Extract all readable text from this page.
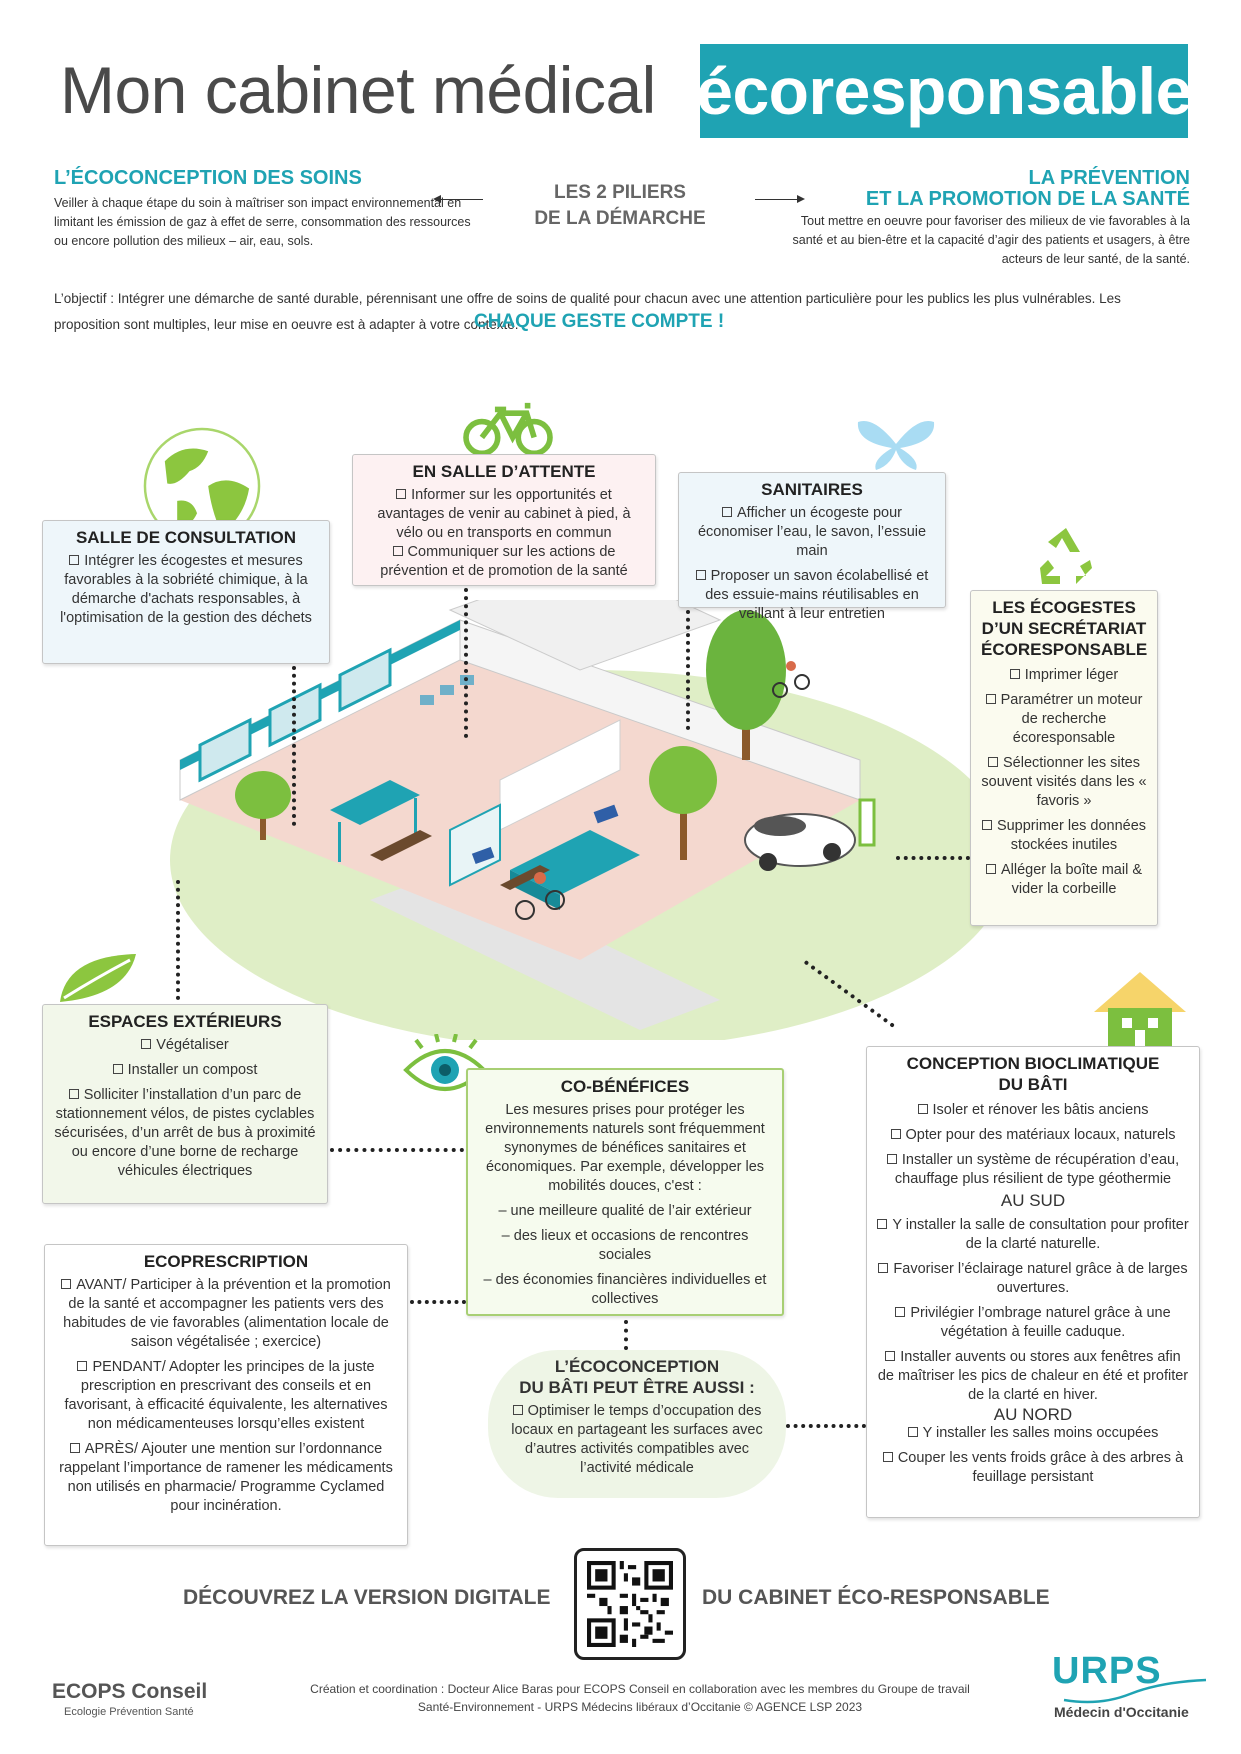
Mon cabinet médical écoresponsable
L’ÉCOCONCEPTION DES SOINS
Veiller à chaque étape du soin à maîtriser son impact environnemental en limitant les émission de gaz à effet de serre, consommation des ressources ou encore pollution des milieux – air, eau, sols.
LES 2 PILIERS
DE LA DÉMARCHE
LA PRÉVENTION
ET LA PROMOTION DE LA SANTÉ
Tout mettre en oeuvre pour favoriser des milieux de vie favorables à la santé et au bien-être et la capacité d’agir des patients et usagers, à être acteurs de leur santé, de la santé.
L’objectif : Intégrer une démarche de santé durable, pérennisant une offre de soins de qualité pour chacun avec une attention particulière pour les publics les plus vulnérables. Les proposition sont multiples, leur mise en oeuvre est à adapter à votre contexte.
CHAQUE GESTE COMPTE !
SALLE DE CONSULTATION

Intégrer les écogestes et mesures favorables à la sobriété chimique, à la démarche d'achats responsables, à l'optimisation de la gestion des déchets

EN SALLE D’ATTENTE

Informer sur les opportunités et avantages de venir au cabinet à pied, à vélo ou en transports en commun

Communiquer sur les actions de prévention et de promotion de la santé

SANITAIRES

Afficher un écogeste pour économiser l’eau, le savon, l’essuie main

Proposer un savon écolabellisé et des essuie-mains réutilisables en veillant à leur entretien	LES ÉCOGESTES
D’UN SECRÉTARIAT
ÉCORESPONSABLE

Imprimer léger

Paramétrer un moteur de recherche écoresponsable

Sélectionner les sites souvent visités dans les « favoris »

Supprimer les données stockées inutiles

Alléger la boîte mail & vider la corbeille

ESPACES EXTÉRIEURS

Végétaliser

Installer un compost

Solliciter l’installation d’un parc de stationnement vélos, de pistes cyclables sécurisées, d’un arrêt de bus à proximité ou encore d’une borne de recharge véhicules électriques

CO-BÉNÉFICES

Les mesures prises pour protéger les environnements naturels sont fréquemment synonymes de bénéfices sanitaires et économiques. Par exemple, développer les mobilités douces, c'est :

– une meilleure qualité de l’air extérieur

– des lieux et occasions de rencontres sociales

– des économies financières individuelles et collectives

ECOPRESCRIPTION

AVANT/ Participer à la prévention et la promotion de la santé et accompagner les patients vers des habitudes de vie favorables (alimentation locale de saison végétalisée ; exercice)

PENDANT/ Adopter les principes de la juste prescription en prescrivant des conseils et en favorisant, à efficacité équivalente, les alternatives non médicamenteuses lorsqu’elles existent

APRÈS/ Ajouter une mention sur l’ordonnance rappelant l’importance de ramener les médicaments non utilisés en pharmacie/ Programme Cyclamed pour incinération.

L’ÉCOCONCEPTION
DU BÂTI PEUT ÊTRE AUSSI :

Optimiser le temps d’occupation des locaux en partageant les surfaces avec d’autres activités compatibles avec l’activité médicale

CONCEPTION BIOCLIMATIQUE
DU BÂTI

Isoler et rénover les bâtis anciens

Opter pour des matériaux locaux, naturels

Installer un système de récupération d’eau, chauffage plus résilient de type géothermie

AU SUD

Y installer la salle de consultation pour profiter de la clarté naturelle.

Favoriser l’éclairage naturel grâce à de larges ouvertures.

Privilégier l’ombrage naturel grâce à une végétation à feuille caduque.

Installer auvents ou stores aux fenêtres afin de maîtriser les pics de chaleur en été et profiter de la clarté en hiver.

AU NORD

Y installer les salles moins occupées

Couper les vents froids grâce à des arbres à feuillage persistant

DÉCOUVREZ LA VERSION DIGITALE	DU CABINET ÉCO-RESPONSABLE
ECOPS Conseil
Ecologie Prévention Santé
Création et coordination : Docteur Alice Baras pour ECOPS Conseil en collaboration avec les membres du Groupe de travail
Santé-Environnement - URPS Médecins libéraux d’Occitanie © AGENCE LSP 2023
URPS
Médecin d'Occitanie
